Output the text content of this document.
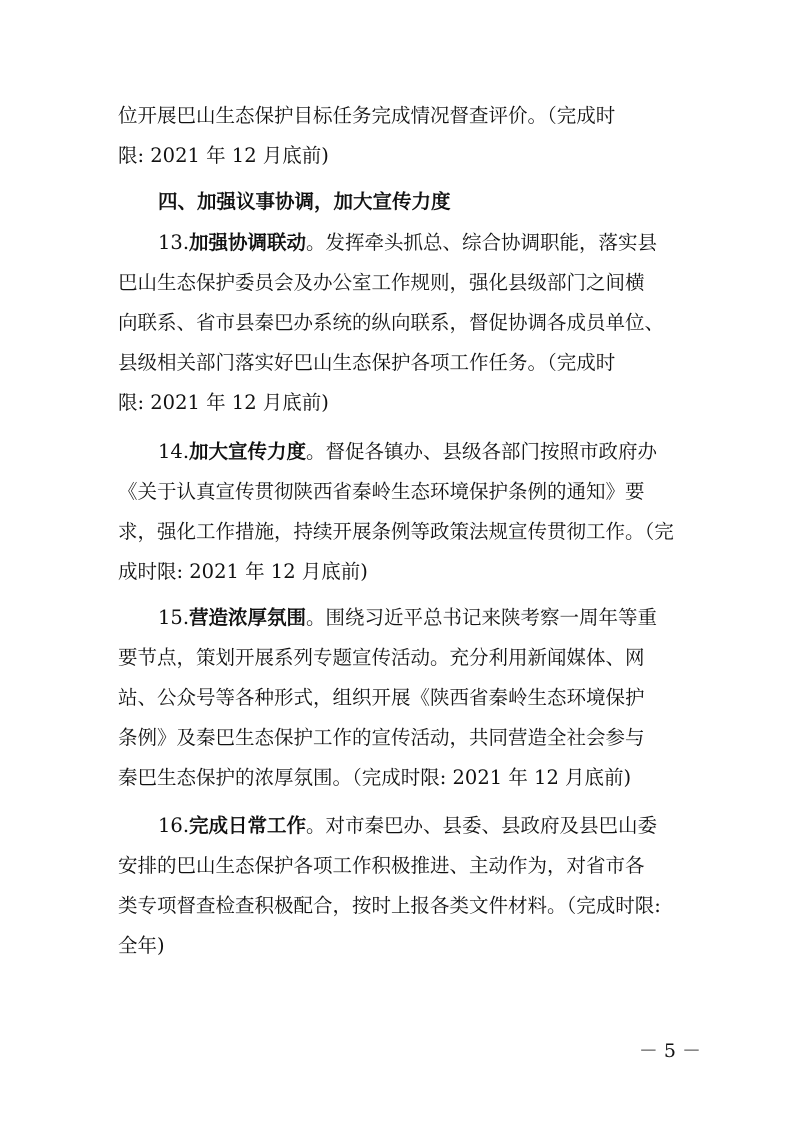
位开展巴山生态保护目标任务完成情况督查评价。（完成时
限: 2021 年 12 月底前)
四、加强议事协调，加大宣传力度
13.加强协调联动。发挥牵头抓总、综合协调职能，落实县
巴山生态保护委员会及办公室工作规则，强化县级部门之间横
向联系、省市县秦巴办系统的纵向联系，督促协调各成员单位、
县级相关部门落实好巴山生态保护各项工作任务。（完成时
限: 2021 年 12 月底前)
14.加大宣传力度。督促各镇办、县级各部门按照市政府办
《关于认真宣传贯彻陕西省秦岭生态环境保护条例的通知》要
求，强化工作措施，持续开展条例等政策法规宣传贯彻工作。（完
成时限: 2021 年 12 月底前)
15.营造浓厚氛围。围绕习近平总书记来陕考察一周年等重
要节点，策划开展系列专题宣传活动。充分利用新闻媒体、网
站、公众号等各种形式，组织开展《陕西省秦岭生态环境保护
条例》及秦巴生态保护工作的宣传活动，共同营造全社会参与
秦巴生态保护的浓厚氛围。（完成时限: 2021 年 12 月底前)
16.完成日常工作。对市秦巴办、县委、县政府及县巴山委
安排的巴山生态保护各项工作积极推进、主动作为，对省市各
类专项督查检查积极配合，按时上报各类文件材料。（完成时限:
全年)
－ 5 －
